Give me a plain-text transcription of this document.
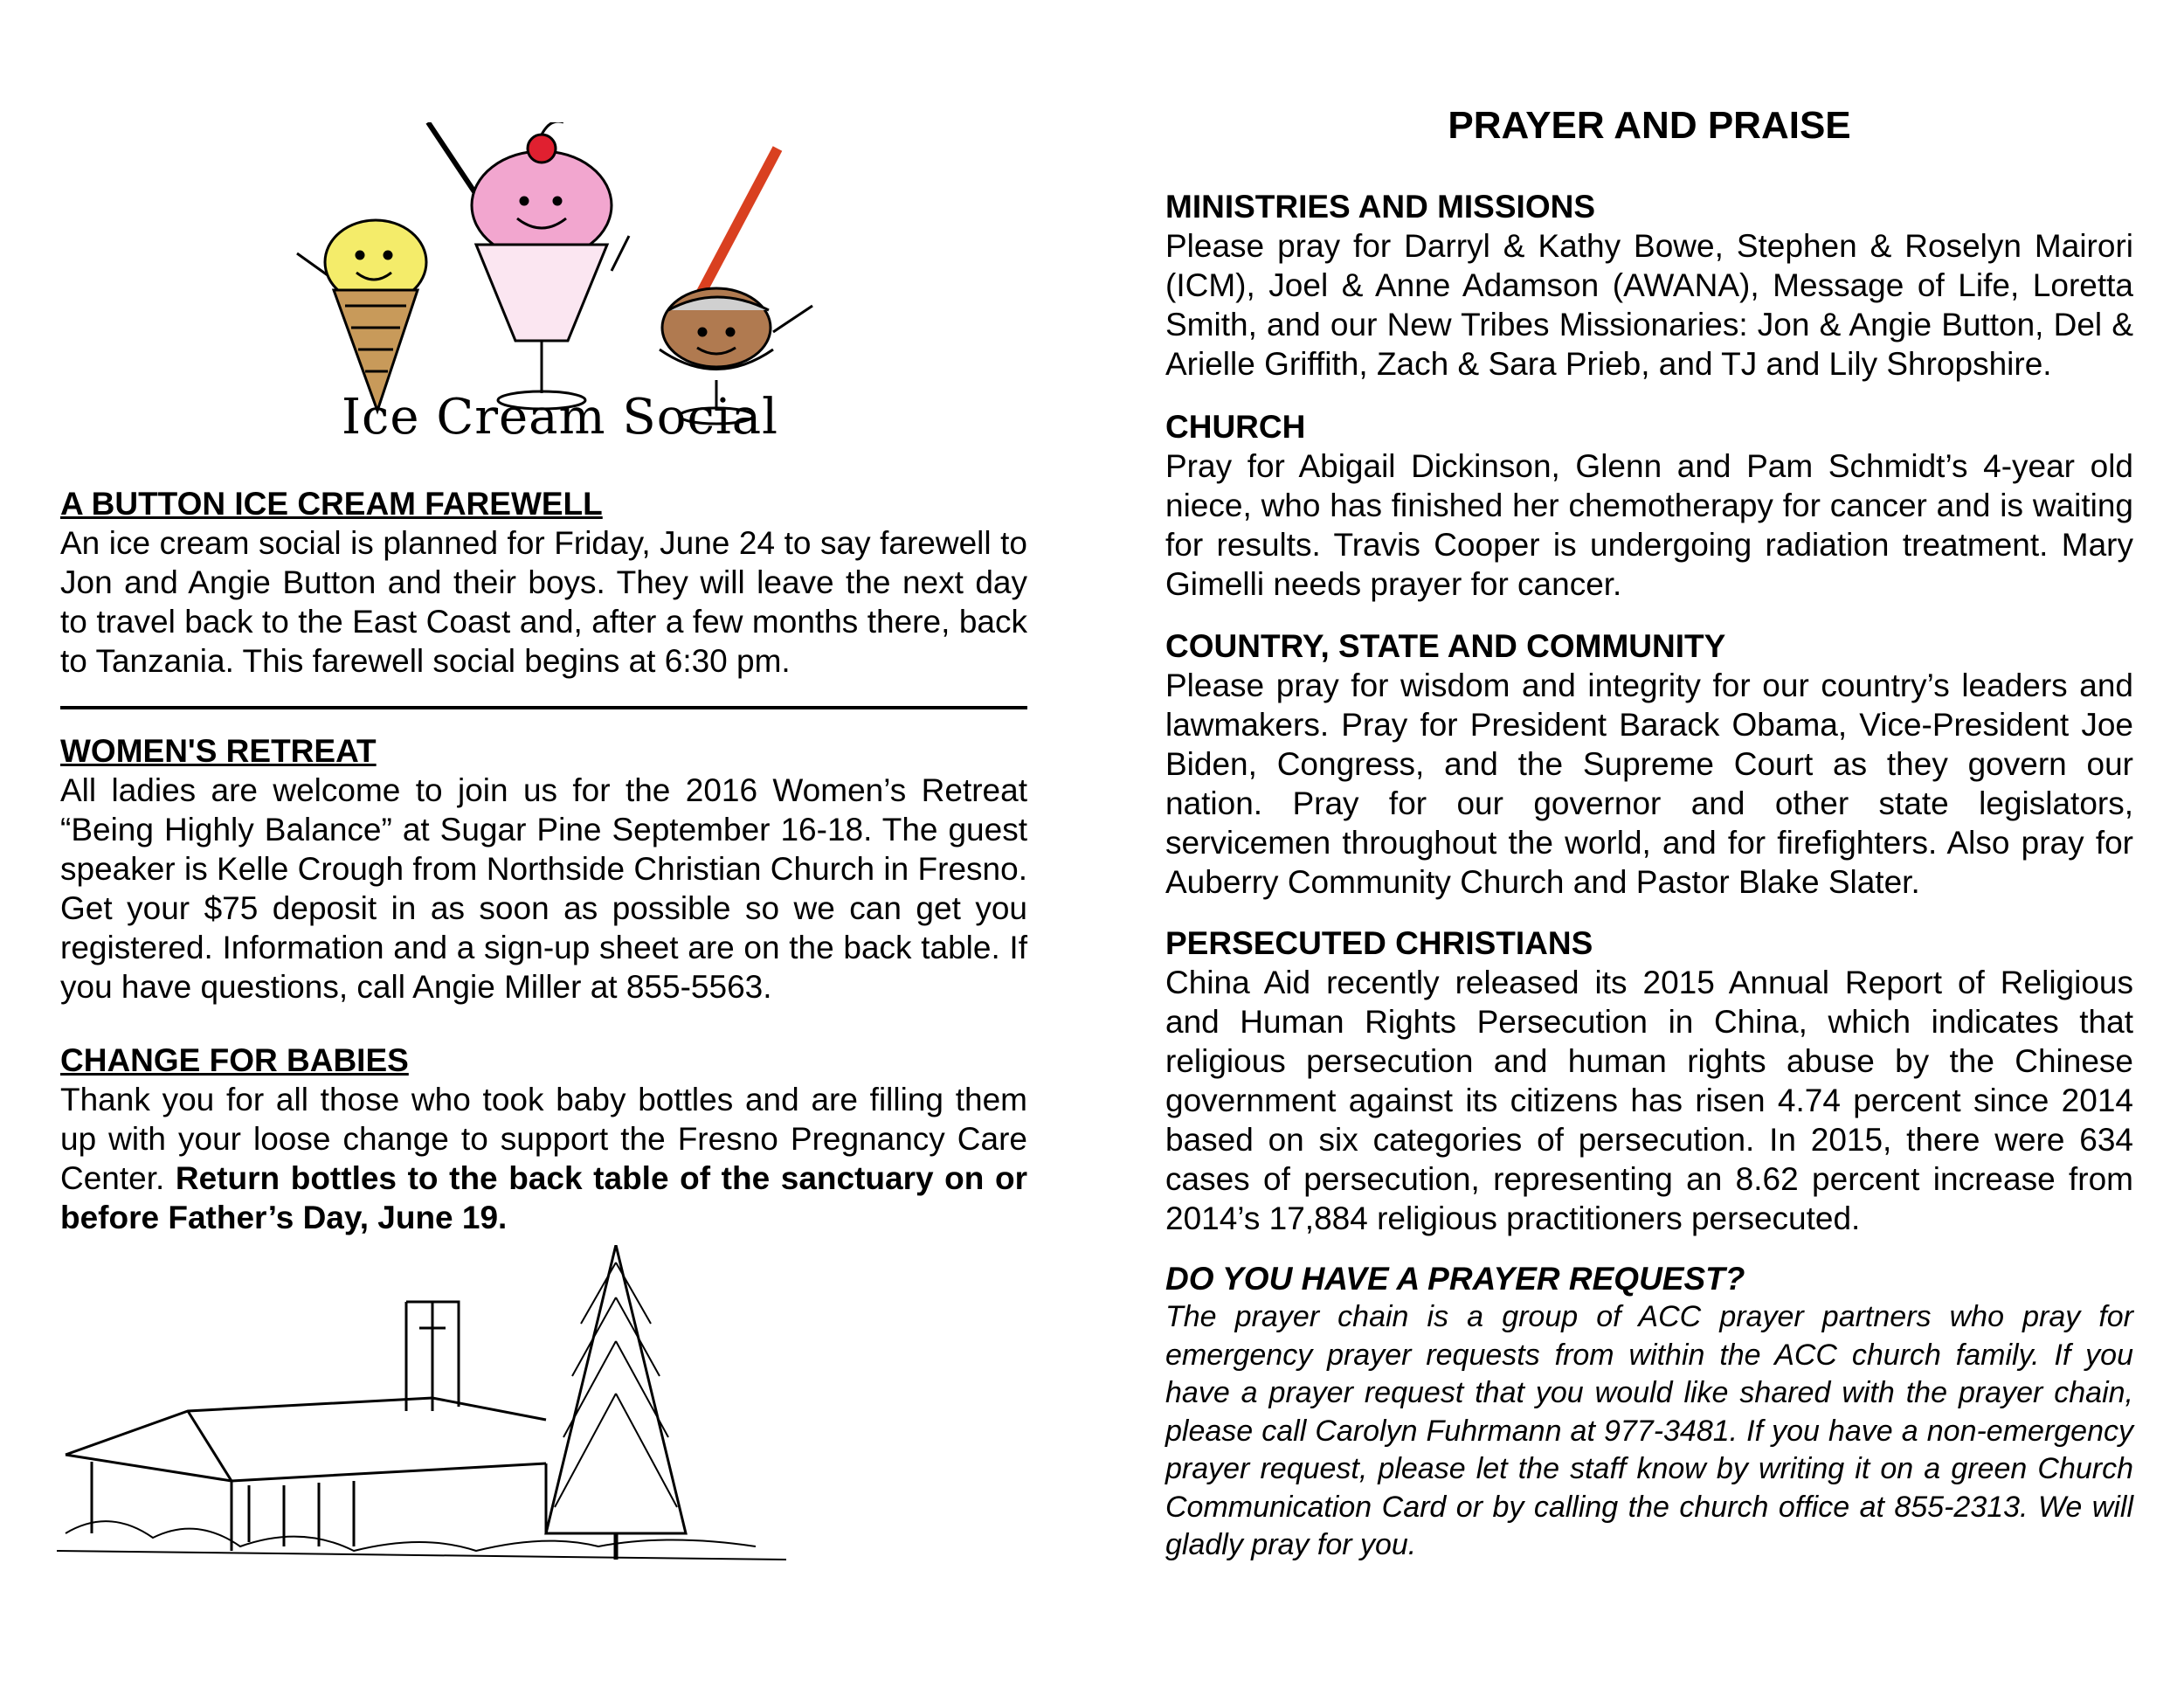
Ice Cream Social
A BUTTON ICE CREAM FAREWELL

An ice cream social is planned for Friday, June 24 to say farewell to Jon and Angie Button and their boys. They will leave the next day to travel back to the East Coast and, after a few months there, back to Tanzania. This farewell social begins at 6:30 pm.

WOMEN'S RETREAT

All ladies are welcome to join us for the 2016 Women’s Retreat “Being Highly Balance” at Sugar Pine September 16-18. The guest speaker is Kelle Crough from Northside Christian Church in Fresno. Get your $75 deposit in as soon as possible so we can get you registered. Information and a sign-up sheet are on the back table. If you have questions, call Angie Miller at 855-5563.

CHANGE FOR BABIES

Thank you for all those who took baby bottles and are filling them up with your loose change to support the Fresno Pregnancy Care Center. Return bottles to the back table of the sanctuary on or before Father’s Day, June 19.

PRAYER AND PRAISE
MINISTRIES AND MISSIONS

Please pray for Darryl & Kathy Bowe, Stephen & Roselyn Mairori (ICM), Joel & Anne Adamson (AWANA), Message of Life, Loretta Smith, and our New Tribes Missionaries: Jon & Angie Button, Del & Arielle Griffith, Zach & Sara Prieb, and TJ and Lily Shropshire.

CHURCH

Pray for Abigail Dickinson, Glenn and Pam Schmidt’s 4-year old niece, who has finished her chemotherapy for cancer and is waiting for results. Travis Cooper is undergoing radiation treatment. Mary Gimelli needs prayer for cancer.

COUNTRY, STATE AND COMMUNITY

Please pray for wisdom and integrity for our country’s leaders and lawmakers. Pray for President Barack Obama, Vice-President Joe Biden, Congress, and the Supreme Court as they govern our nation. Pray for our governor and other state legislators, servicemen throughout the world, and for firefighters. Also pray for Auberry Community Church and Pastor Blake Slater.

PERSECUTED CHRISTIANS

China Aid recently released its 2015 Annual Report of Religious and Human Rights Persecution in China, which indicates that religious persecution and human rights abuse by the Chinese government against its citizens has risen 4.74 percent since 2014 based on six categories of persecution. In 2015, there were 634 cases of persecution, representing an 8.62 percent increase from 2014’s 17,884 religious practitioners persecuted.

DO YOU HAVE A PRAYER REQUEST?

The prayer chain is a group of ACC prayer partners who pray for emergency prayer requests from within the ACC church family. If you have a prayer request that you would like shared with the prayer chain, please call Carolyn Fuhrmann at 977-3481. If you have a non-emergency prayer request, please let the staff know by writing it on a green Church Communication Card or by calling the church office at 855-2313. We will gladly pray for you.
